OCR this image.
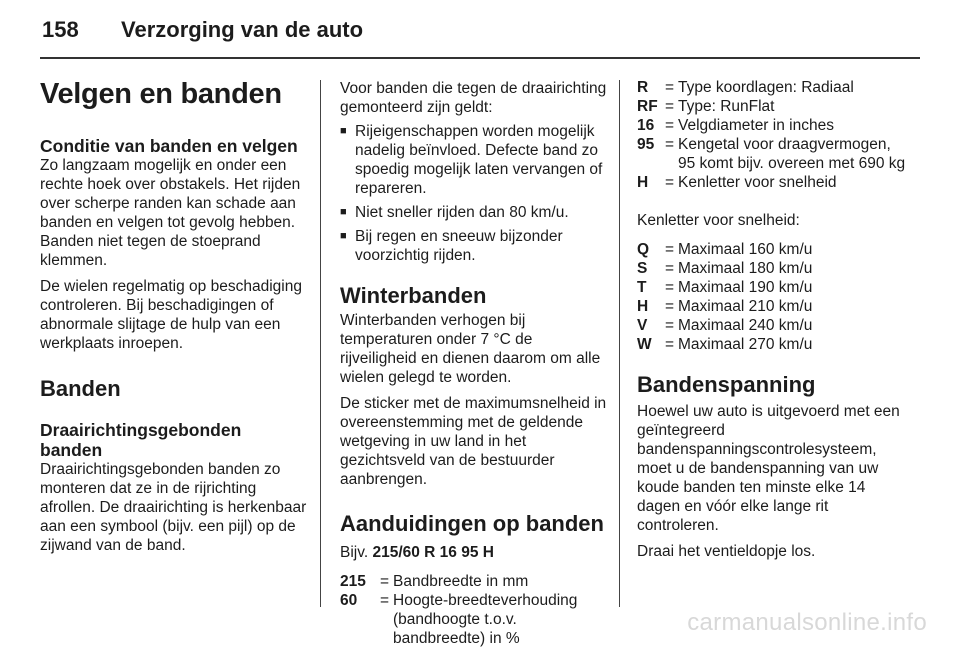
158 Verzorging van de auto
Velgen en banden
Conditie van banden en velgen

Zo langzaam mogelijk en onder een rechte hoek over obstakels. Het rijden over scherpe randen kan schade aan banden en velgen tot gevolg hebben. Banden niet tegen de stoeprand klemmen.

De wielen regelmatig op beschadiging controleren. Bij beschadigingen of abnormale slijtage de hulp van een werkplaats inroepen.

Banden
Draairichtingsgebonden banden

Draairichtingsgebonden banden zo monteren dat ze in de rijrichting afrollen. De draairichting is herkenbaar aan een symbool (bijv. een pijl) op de zijwand van de band.

Voor banden die tegen de draairichting gemonteerd zijn geldt:

■ Rijeigenschappen worden mogelijk nadelig beïnvloed. Defecte band zo spoedig mogelijk laten vervangen of repareren.
■ Niet sneller rijden dan 80 km/u.
■ Bij regen en sneeuw bijzonder voorzichtig rijden.
Winterbanden

Winterbanden verhogen bij temperaturen onder 7 °C de rijveiligheid en dienen daarom om alle wielen gelegd te worden.

De sticker met de maximumsnelheid in overeenstemming met de geldende wetgeving in uw land in het gezichtsveld van de bestuurder aanbrengen.

Aanduidingen op banden

Bijv. 215/60 R 16 95 H

215 = Bandbreedte in mm
60	= Hoogte-breedteverhouding (bandhoogte t.o.v. bandbreedte) in %
R	= Type koordlagen: Radiaal
RF = Type: RunFlat
16 = Velgdiameter in inches
95 = Kengetal voor draagvermogen, 95 komt bijv. overeen met 690 kg
H	= Kenletter voor snelheid

Kenletter voor snelheid:

Q	= Maximaal 160 km/u
S	= Maximaal 180 km/u
T	= Maximaal 190 km/u
H	= Maximaal 210 km/u
V	= Maximaal 240 km/u
W = Maximaal 270 km/u
Bandenspanning

Hoewel uw auto is uitgevoerd met een geïntegreerd bandenspanningscontrolesysteem, moet u de bandenspanning van uw koude banden ten minste elke 14 dagen en vóór elke lange rit controleren.

Draai het ventieldopje los.

carmanualsonline.info
